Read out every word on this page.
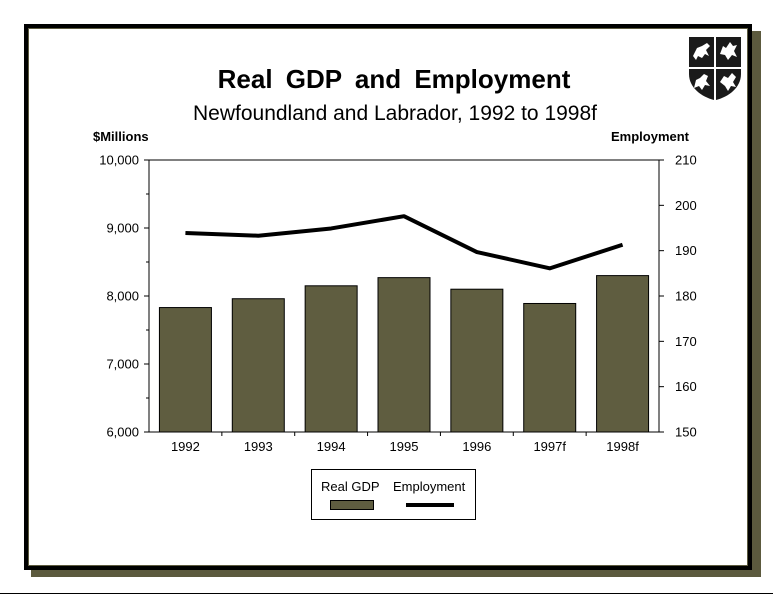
Real GDP and Employment
Newfoundland and Labrador, 1992 to 1998f
$Millions	Employment
6,000
7,000
8,000
9,000
10,000
150
160
170
180
190
200
210
1992	1993	1994	1995	1996	1997f	1998f
Real GDP Employment
